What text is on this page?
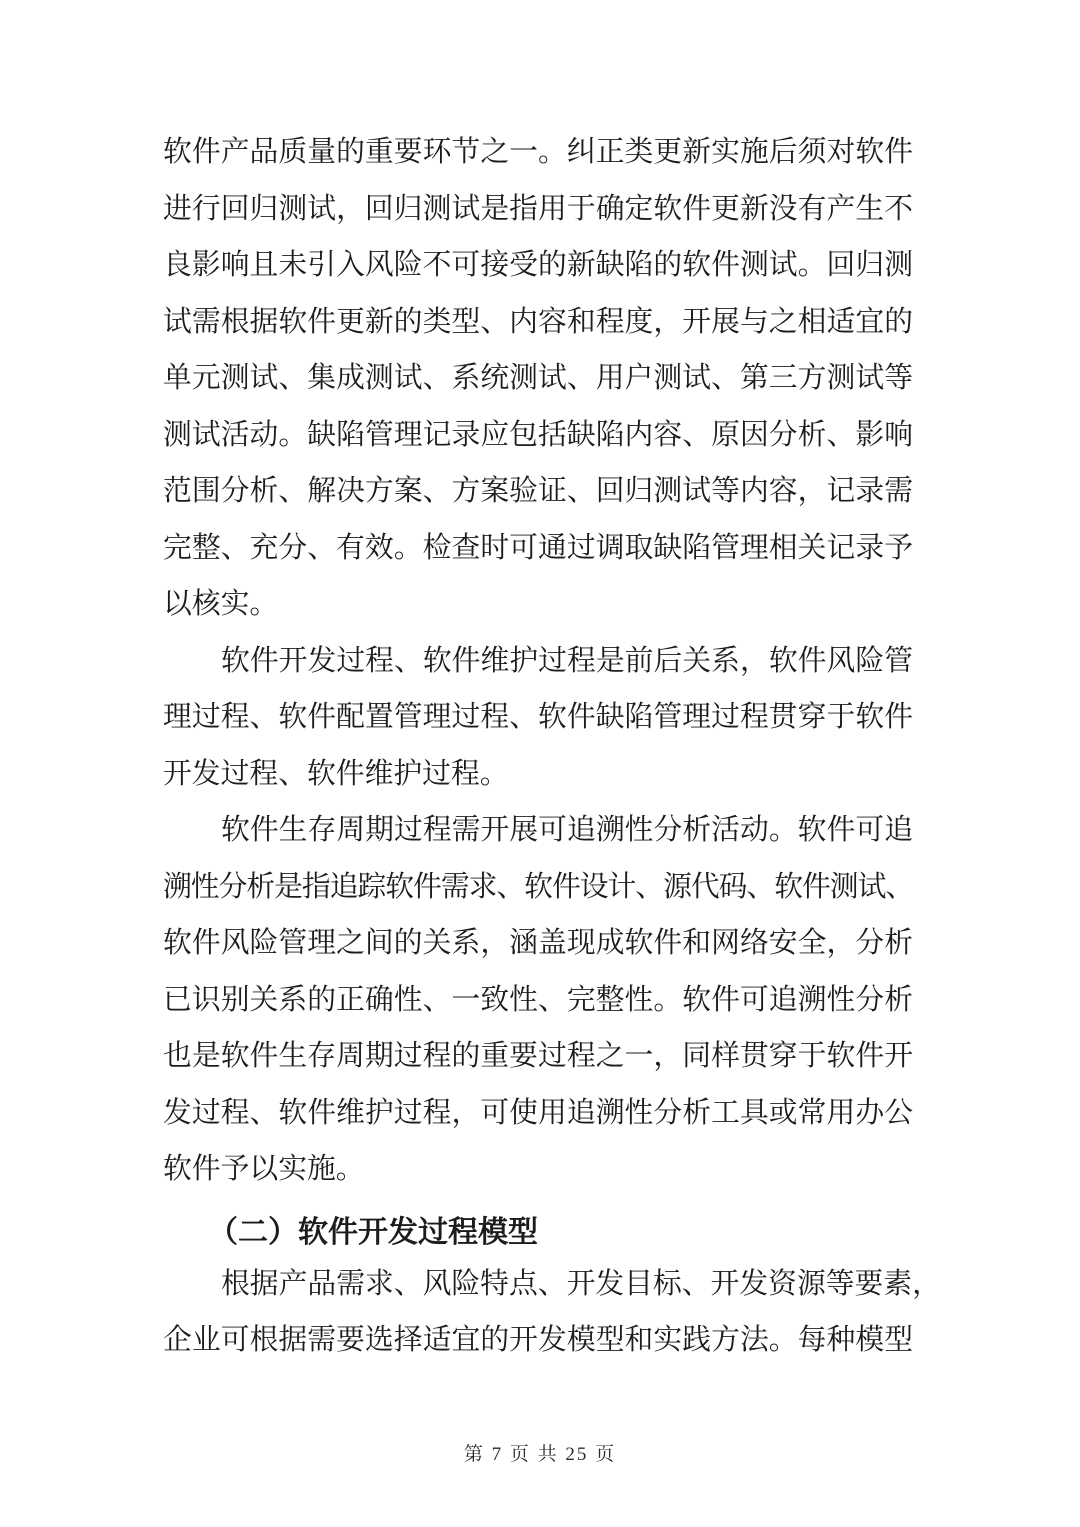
软件产品质量的重要环节之一。纠正类更新实施后须对软件
进行回归测试，回归测试是指用于确定软件更新没有产生不
良影响且未引入风险不可接受的新缺陷的软件测试。回归测
试需根据软件更新的类型、内容和程度，开展与之相适宜的
单元测试、集成测试、系统测试、用户测试、第三方测试等
测试活动。缺陷管理记录应包括缺陷内容、原因分析、影响
范围分析、解决方案、方案验证、回归测试等内容，记录需
完整、充分、有效。检查时可通过调取缺陷管理相关记录予
以核实。
软件开发过程、软件维护过程是前后关系，软件风险管
理过程、软件配置管理过程、软件缺陷管理过程贯穿于软件
开发过程、软件维护过程。
软件生存周期过程需开展可追溯性分析活动。软件可追
溯性分析是指追踪软件需求、软件设计、源代码、软件测试、
软件风险管理之间的关系，涵盖现成软件和网络安全，分析
已识别关系的正确性、一致性、完整性。软件可追溯性分析
也是软件生存周期过程的重要过程之一，同样贯穿于软件开
发过程、软件维护过程，可使用追溯性分析工具或常用办公
软件予以实施。
（二）软件开发过程模型
根据产品需求、风险特点、开发目标、开发资源等要素，
企业可根据需要选择适宜的开发模型和实践方法。每种模型
第 7 页 共 25 页
